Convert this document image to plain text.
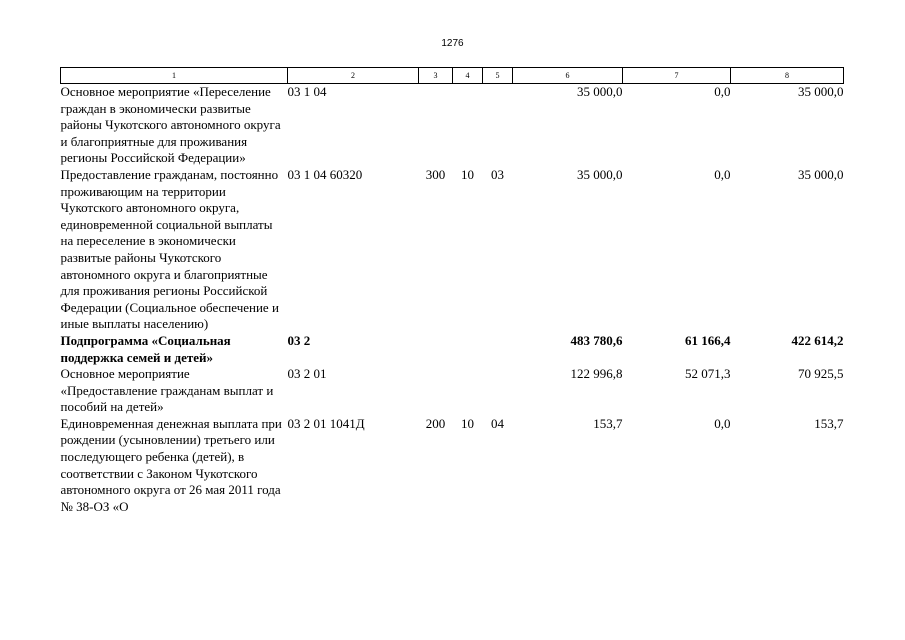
1276
1	2	3	4	5	6	7	8
Основное мероприятие «Переселение граждан в экономически развитые районы Чукотского автономного округа и благоприятные для проживания регионы Российской Федерации»	03 1 04				35 000,0	0,0	35 000,0
Предоставление гражданам, постоянно проживающим на территории Чукотского автономного округа, единовременной социальной выплаты на переселение в экономически развитые районы Чукотского автономного округа и благоприятные для проживания регионы Российской Федерации (Социальное обеспечение и иные выплаты населению)	03 1 04 60320	300	10	03	35 000,0	0,0	35 000,0
Подпрограмма «Социальная поддержка семей и детей»	03 2				483 780,6	61 166,4	422 614,2
Основное мероприятие «Предоставление гражданам выплат и пособий на детей»	03 2 01				122 996,8	52 071,3	70 925,5
Единовременная денежная выплата при рождении (усыновлении) третьего или последующего ребенка (детей), в соответствии с Законом Чукотского автономного округа от 26 мая 2011 года № 38-ОЗ «О	03 2 01 1041Д	200	10	04	153,7	0,0	153,7
